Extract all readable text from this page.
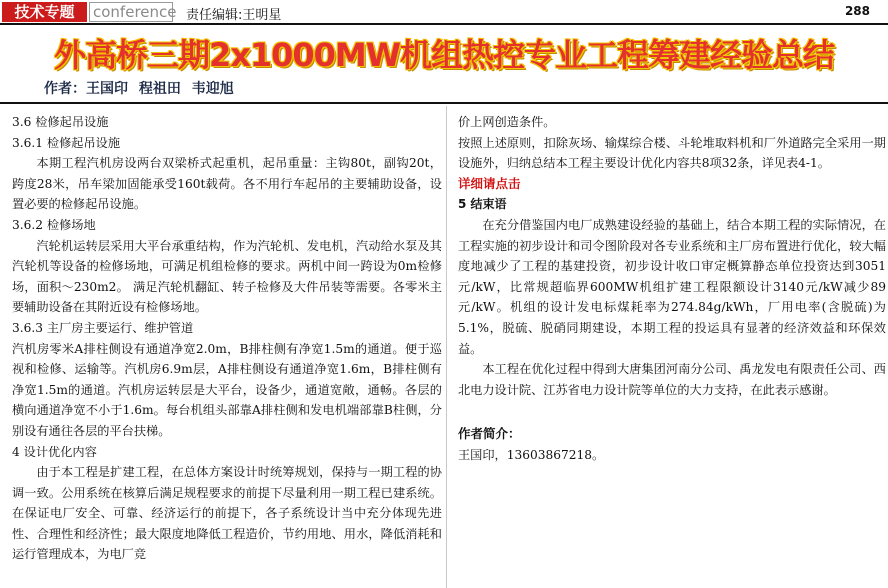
技术专题	conference 责任编辑:王明星	288
外高桥三期2x1000MW机组热控专业工程筹建经验总结
作者：王国印 程祖田 韦迎旭

3.6 检修起吊设施

3.6.1 检修起吊设施

本期工程汽机房设两台双梁桥式起重机，起吊重量：主钩80t，副钩20t，跨度28米，吊车梁加固能承受160t载荷。各不用行车起吊的主要辅助设备，设置必要的检修起吊设施。

3.6.2 检修场地

汽轮机运转层采用大平台承重结构，作为汽轮机、发电机，汽动给水泵及其汽轮机等设备的检修场地，可满足机组检修的要求。两机中间一跨设为0m检修场，面积～230m2。 满足汽轮机翻缸、转子检修及大件吊装等需要。各零米主要辅助设备在其附近设有检修场地。

3.6.3 主厂房主要运行、维护管道

汽机房零米A排柱侧设有通道净宽2.0m，B排柱侧有净宽1.5m的通道。便于巡视和检修、运输等。汽机房6.9m层，A排柱侧设有通道净宽1.6m，B排柱侧有净宽1.5m的通道。汽机房运转层是大平台，设备少，通道宽敞，通畅。各层的横向通道净宽不小于1.6m。每台机组头部靠A排柱侧和发电机端部靠B柱侧，分别设有通往各层的平台扶梯。

4 设计优化内容

由于本工程是扩建工程，在总体方案设计时统筹规划，保持与一期工程的协调一致。公用系统在核算后满足规程要求的前提下尽量利用一期工程已建系统。在保证电厂安全、可靠、经济运行的前提下，各子系统设计当中充分体现先进性、合理性和经济性；最大限度地降低工程造价，节约用地、用水，降低消耗和运行管理成本，为电厂竞

价上网创造条件。

按照上述原则，扣除灰场、输煤综合楼、斗轮堆取料机和厂外道路完全采用一期设施外，归纳总结本工程主要设计优化内容共8项32条，详见表4-1。

详细请点击

5 结束语

在充分借鉴国内电厂成熟建设经验的基础上，结合本期工程的实际情况，在工程实施的初步设计和司令图阶段对各专业系统和主厂房布置进行优化，较大幅度地减少了工程的基建投资，初步设计收口审定概算静态单位投资达到3051元/kW，比常规超临界600MW机组扩建工程限额设计3140元/kW减少89元/kW。机组的设计发电标煤耗率为274.84g/kWh，厂用电率(含脱硫)为5.1%，脱硫、脱硝同期建设，本期工程的投运具有显著的经济效益和环保效益。

本工程在优化过程中得到大唐集团河南分公司、禹龙发电有限责任公司、西北电力设计院、江苏省电力设计院等单位的大力支持，在此表示感谢。

作者简介：

王国印，13603867218。
